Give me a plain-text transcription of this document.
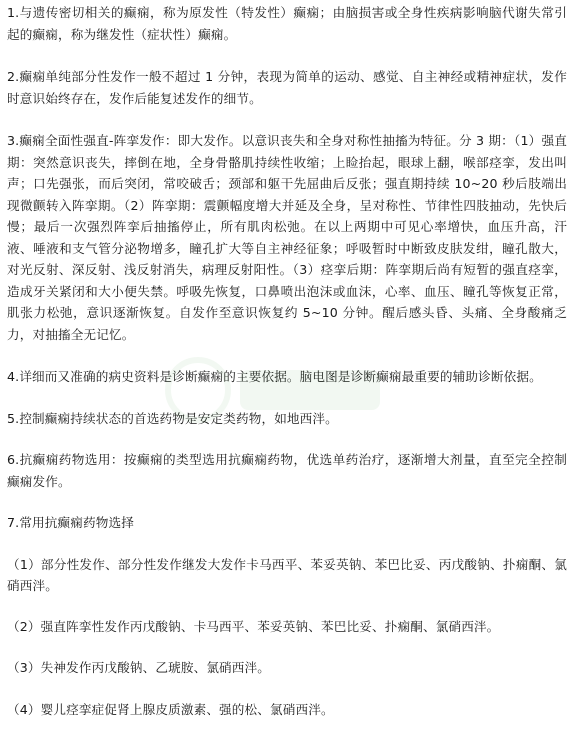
1.与遗传密切相关的癫痫，称为原发性（特发性）癫痫；由脑损害或全身性疾病影响脑代谢失常引起的癫痫，称为继发性（症状性）癫痫。

2.癫痫单纯部分性发作一般不超过 1 分钟，表现为简单的运动、感觉、自主神经或精神症状，发作时意识始终存在，发作后能复述发作的细节。

3.癫痫全面性强直-阵挛发作：即大发作。以意识丧失和全身对称性抽搐为特征。分 3 期：（1）强直期：突然意识丧失，摔倒在地，全身骨骼肌持续性收缩；上睑抬起，眼球上翻，喉部痉挛，发出叫声；口先强张，而后突闭，常咬破舌；颈部和躯干先屈曲后反张；强直期持续 10~20 秒后肢端出现微颤转入阵挛期。（2）阵挛期：震颤幅度增大并延及全身，呈对称性、节律性四肢抽动，先快后慢；最后一次强烈阵挛后抽搐停止，所有肌肉松弛。在以上两期中可见心率增快，血压升高，汗液、唾液和支气管分泌物增多，瞳孔扩大等自主神经征象；呼吸暂时中断致皮肤发绀，瞳孔散大，对光反射、深反射、浅反射消失，病理反射阳性。（3）痉挛后期：阵挛期后尚有短暂的强直痉挛，造成牙关紧闭和大小便失禁。呼吸先恢复，口鼻喷出泡沫或血沫，心率、血压、瞳孔等恢复正常，肌张力松弛，意识逐渐恢复。自发作至意识恢复约 5~10 分钟。醒后感头昏、头痛、全身酸痛乏力，对抽搐全无记忆。

4.详细而又准确的病史资料是诊断癫痫的主要依据。脑电图是诊断癫痫最重要的辅助诊断依据。

5.控制癫痫持续状态的首选药物是安定类药物，如地西泮。

6.抗癫痫药物选用：按癫痫的类型选用抗癫痫药物，优选单药治疗，逐渐增大剂量，直至完全控制癫痫发作。

7.常用抗癫痫药物选择

（1）部分性发作、部分性发作继发大发作卡马西平、苯妥英钠、苯巴比妥、丙戊酸钠、扑痫酮、氯硝西泮。

（2）强直阵挛性发作丙戊酸钠、卡马西平、苯妥英钠、苯巴比妥、扑痫酮、氯硝西泮。

（3）失神发作丙戊酸钠、乙琥胺、氯硝西泮。

（4）婴儿痉挛症促肾上腺皮质激素、强的松、氯硝西泮。
